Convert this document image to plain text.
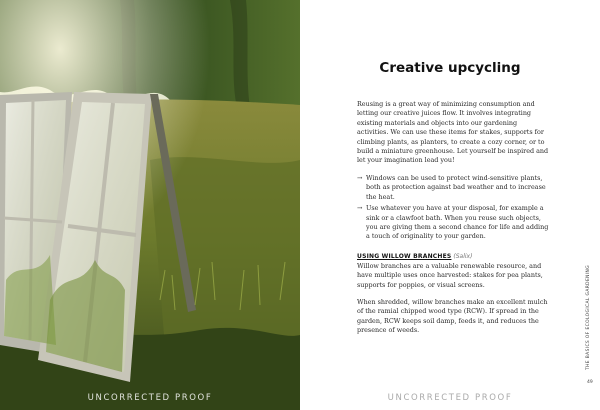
UNCORRECTED PROOF
Creative upcycling

Reusing is a great way of minimizing consumption and letting our creative juices flow. It involves integrating existing materials and objects into our gardening activities. We can use these items for stakes, supports for climbing plants, as planters, to create a cozy corner, or to build a miniature greenhouse. Let yourself be inspired and let your imagination lead you!

→ Windows can be used to protect wind-sensitive plants, both as protection against bad weather and to increase the heat.
→ Use whatever you have at your disposal, for example a sink or a clawfoot bath. When you reuse such objects, you are giving them a second chance for life and adding a touch of originality to your garden.
USING WILLOW BRANCHES (Salix)

Willow branches are a valuable renewable resource, and have multiple uses once harvested: stakes for pea plants, supports for poppies, or visual screens.

When shredded, willow branches make an excellent mulch of the ramial chipped wood type (RCW). If spread in the garden, RCW keeps soil damp, feeds it, and reduces the presence of weeds.	THE BASICS OF ECOLOGICAL GARDENING
49
UNCORRECTED PROOF
